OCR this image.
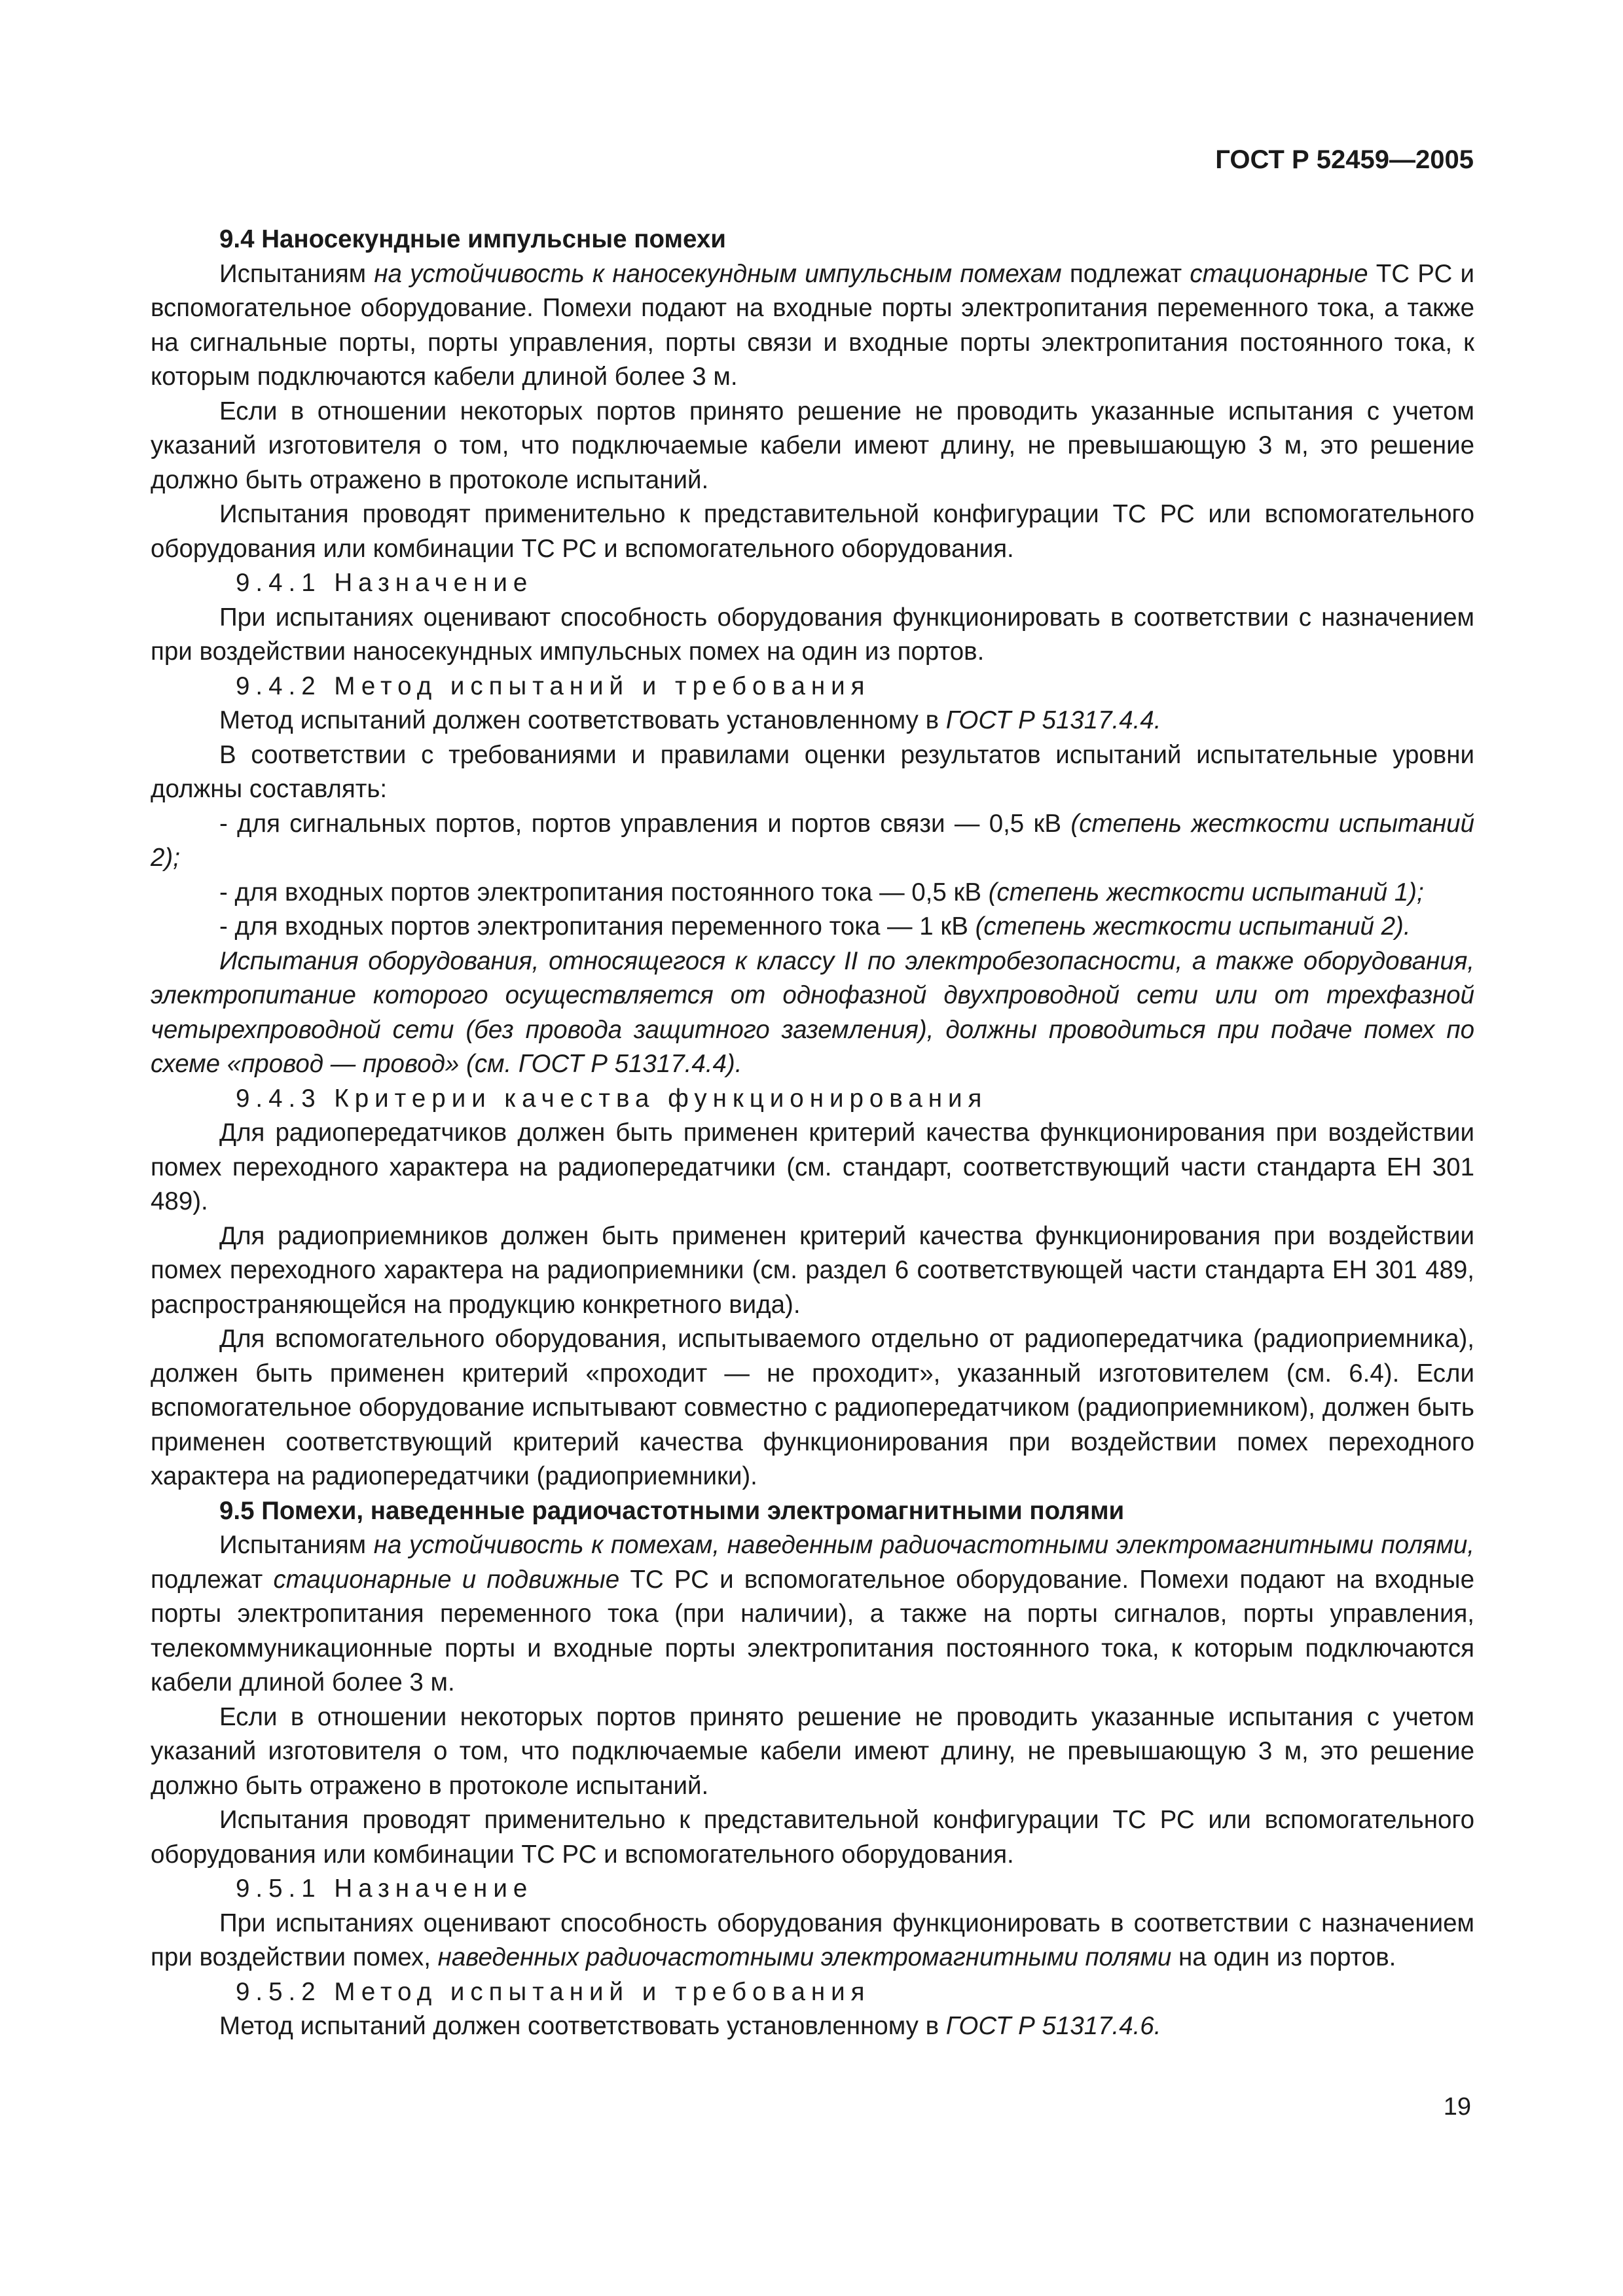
ГОСТ Р 52459—2005

9.4 Наносекундные импульсные помехи

Испытаниям на устойчивость к наносекундным импульсным помехам подлежат стационарные ТС РС и вспомогательное оборудование. Помехи подают на входные порты электропитания переменного тока, а также на сигнальные порты, порты управления, порты связи и входные порты электропитания постоянного тока, к которым подключаются кабели длиной более 3 м.

Если в отношении некоторых портов принято решение не проводить указанные испытания с учетом указаний изготовителя о том, что подключаемые кабели имеют длину, не превышающую 3 м, это решение должно быть отражено в протоколе испытаний.

Испытания проводят применительно к представительной конфигурации ТС РС или вспомогательного оборудования или комбинации ТС РС и вспомогательного оборудования.

9.4.1 Назначение

При испытаниях оценивают способность оборудования функционировать в соответствии с назначением при воздействии наносекундных импульсных помех на один из портов.

9.4.2 Метод испытаний и требования

Метод испытаний должен соответствовать установленному в ГОСТ Р 51317.4.4.

В соответствии с требованиями и правилами оценки результатов испытаний испытательные уровни должны составлять:

- для сигнальных портов, портов управления и портов связи — 0,5 кВ (степень жесткости испытаний 2);

- для входных портов электропитания постоянного тока — 0,5 кВ (степень жесткости испытаний 1);

- для входных портов электропитания переменного тока — 1 кВ (степень жесткости испытаний 2).

Испытания оборудования, относящегося к классу II по электробезопасности, а также оборудования, электропитание которого осуществляется от однофазной двухпроводной сети или от трехфазной четырехпроводной сети (без провода защитного заземления), должны проводиться при подаче помех по схеме «провод — провод» (см. ГОСТ Р 51317.4.4).

9.4.3 Критерии качества функционирования

Для радиопередатчиков должен быть применен критерий качества функционирования при воздействии помех переходного характера на радиопередатчики (см. стандарт, соответствующий части стандарта ЕН 301 489).

Для радиоприемников должен быть применен критерий качества функционирования при воздействии помех переходного характера на радиоприемники (см. раздел 6 соответствующей части стандарта ЕН 301 489, распространяющейся на продукцию конкретного вида).

Для вспомогательного оборудования, испытываемого отдельно от радиопередатчика (радиоприемника), должен быть применен критерий «проходит — не проходит», указанный изготовителем (см. 6.4). Если вспомогательное оборудование испытывают совместно с радиопередатчиком (радиоприемником), должен быть применен соответствующий критерий качества функционирования при воздействии помех переходного характера на радиопередатчики (радиоприемники).

9.5 Помехи, наведенные радиочастотными электромагнитными полями

Испытаниям на устойчивость к помехам, наведенным радиочастотными электромагнитными полями, подлежат стационарные и подвижные ТС РС и вспомогательное оборудование. Помехи подают на входные порты электропитания переменного тока (при наличии), а также на порты сигналов, порты управления, телекоммуникационные порты и входные порты электропитания постоянного тока, к которым подключаются кабели длиной более 3 м.

Если в отношении некоторых портов принято решение не проводить указанные испытания с учетом указаний изготовителя о том, что подключаемые кабели имеют длину, не превышающую 3 м, это решение должно быть отражено в протоколе испытаний.

Испытания проводят применительно к представительной конфигурации ТС РС или вспомогательного оборудования или комбинации ТС РС и вспомогательного оборудования.

9.5.1 Назначение

При испытаниях оценивают способность оборудования функционировать в соответствии с назначением при воздействии помех, наведенных радиочастотными электромагнитными полями на один из портов.

9.5.2 Метод испытаний и требования

Метод испытаний должен соответствовать установленному в ГОСТ Р 51317.4.6.

19
